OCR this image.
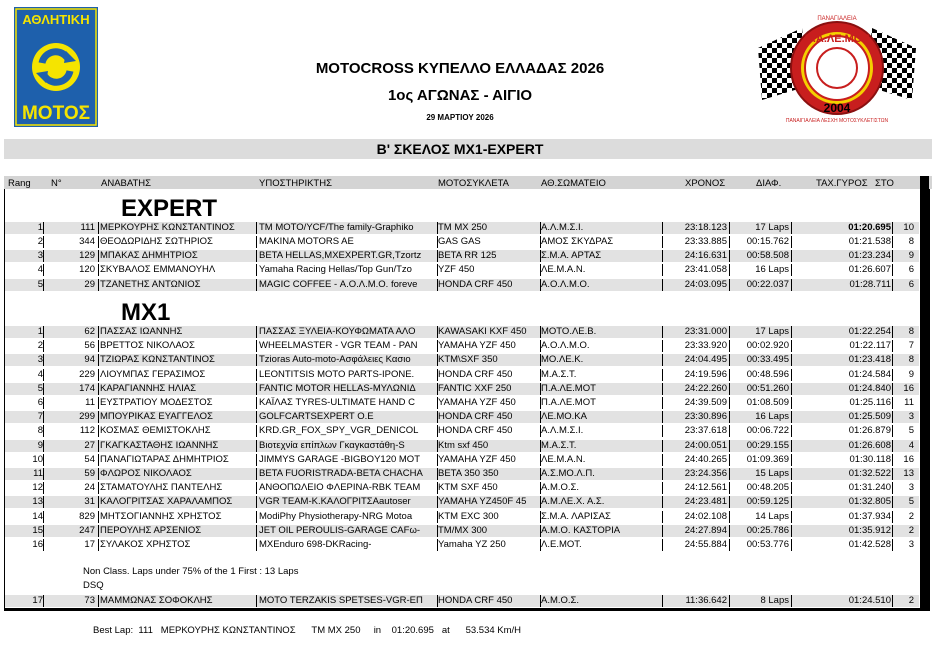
ΑΘΛΗΤΙΚΗ
ΜΟΤΟΣ
ΠΑΝΑΓΙΑΛΕΙΑ
Π.Α.ΛΕ.ΜΟΤ
2004
ΠΑΝΑΙΓΙΑΛΕΙΑ ΛΕΣΧΗ ΜΟΤΟΣΥΚΛΕΤΙΣΤΩΝ
MOTOCROSS ΚΥΠΕΛΛΟ ΕΛΛΑΔΑΣ 2026
1ος ΑΓΩΝΑΣ - ΑΙΓΙΟ
29 ΜΑΡΤΙΟΥ 2026
Β' ΣΚΕΛΟΣ MX1-EXPERT
Rang N°	ΑΝΑΒΑΤΗΣ	ΥΠΟΣΤΗΡΙΚΤΗΣ	ΜΟΤΟΣΥΚΛΕΤΑ	ΑΘ.ΣΩΜΑΤΕΙΟ	ΧΡΟΝΟΣ	ΔΙΑΦ.	ΤΑΧ.ΓΥΡΟΣ ΣΤΟ
EXPERT
MX1
1	111 ΜΕΡΚΟΥΡΗΣ ΚΩΝΣΤΑΝΤΙΝΟΣ	TM MOTO/YCF/The family-Graphiko	TM MX 250	Α.Λ.Μ.Σ.Ι.	23:18.123	17 Laps	01:20.695	10
2	344 ΘΕΟΔΩΡΙΔΗΣ ΣΩΤΗΡΙΟΣ	MAKINA MOTORS AE	GAS GAS	ΑΜΟΣ ΣΚΥΔΡΑΣ	23:33.885	00:15.762	01:21.538	8
3	129 ΜΠΑΚΑΣ ΔΗΜΗΤΡΙΟΣ	BETA HELLAS,MXEXPERT.GR,Tzortz	BETA RR 125	Σ.Μ.Α. ΑΡΤΑΣ	24:16.631	00:58.508	01:23.234	9
4	120 ΣΚΥΒΑΛΟΣ ΕΜΜΑΝΟΥΗΛ	Yamaha Racing Hellas/Top Gun/Tzo	YZF 450	ΛΕ.Μ.Α.Ν.	23:41.058	16 Laps	01:26.607	6
5	29 ΤΖΑΝΕΤΗΣ ΑΝΤΩΝΙΟΣ	MAGIC COFFEE - Α.Ο.Λ.Μ.Ο. foreve	HONDA CRF 450	Α.Ο.Λ.Μ.Ο.	24:03.095	00:22.037	01:28.711	6
1	62 ΠΑΣΣΑΣ ΙΩΑΝΝΗΣ	ΠΑΣΣΑΣ ΞΥΛΕΙΑ-ΚΟΥΦΩΜΑΤΑ ΑΛΟ	KAWASAKI KXF 450	ΜΟΤΟ.ΛΕ.Β.	23:31.000	17 Laps	01:22.254	8
2	56 ΒΡΕΤΤΟΣ ΝΙΚΟΛΑΟΣ	WHEELMASTER - VGR TEAM - PAN	YAMAHA YZF 450	Α.Ο.Λ.Μ.Ο.	23:33.920	00:02.920	01:22.117	7
3	94 ΤΖΙΩΡΑΣ ΚΩΝΣΤΑΝΤΙΝΟΣ	Tzioras Auto-moto-Ασφάλειες Κασιο	KTM\SXF 350	ΜΟ.ΛΕ.Κ.	24:04.495	00:33.495	01:23.418	8
4	229 ΛΙΟΥΜΠΑΣ ΓΕΡΑΣΙΜΟΣ	LEONTITSIS MOTO PARTS-IPONE.	HONDA CRF 450	Μ.Α.Σ.Τ.	24:19.596	00:48.596	01:24.584	9
5	174 ΚΑΡΑΓΙΑΝΝΗΣ ΗΛΙΑΣ	FANTIC MOTOR HELLAS-ΜΥΛΩΝΙΔ	FANTIC XXF 250	Π.Α.ΛΕ.ΜΟΤ	24:22.260	00:51.260	01:24.840	16
6	11 ΕΥΣΤΡΑΤΙΟΥ ΜΟΔΕΣΤΟΣ	ΚΑΪΛΑΣ TYRES-ULTIMATE HAND C	YAMAHA YZF 450	Π.Α.ΛΕ.ΜΟΤ	24:39.509	01:08.509	01:25.116	11
7	299 ΜΠΟΥΡΙΚΑΣ ΕΥΑΓΓΕΛΟΣ	GOLFCARTSEXPERT O.E	HONDA CRF 450	ΛΕ.ΜΟ.ΚΑ	23:30.896	16 Laps	01:25.509	3
8	112 ΚΟΣΜΑΣ ΘΕΜΙΣΤΟΚΛΗΣ	KRD.GR_FOX_SPY_VGR_DENICOL	HONDA CRF 450	Α.Λ.Μ.Σ.Ι.	23:37.618	00:06.722	01:26.879	5
9	27 ΓΚΑΓΚΑΣΤΑΘΗΣ ΙΩΑΝΝΗΣ	Βιοτεχνία επίπλων Γκαγκαστάθη-S	Ktm sxf 450	Μ.Α.Σ.Τ.	24:00.051	00:29.155	01:26.608	4
10	54 ΠΑΝΑΓΙΩΤΑΡΑΣ ΔΗΜΗΤΡΙΟΣ	JIMMYS GARAGE -BIGBOY120 MOT	YAMAHA YZF 450	ΛΕ.Μ.Α.Ν.	24:40.265	01:09.369	01:30.118	16
11	59 ΦΛΩΡΟΣ ΝΙΚΟΛΑΟΣ	BETA FUORISTRADA-BETA CHACHA	BETA 350 350	Α.Σ.ΜΟ.Λ.Π.	23:24.356	15 Laps	01:32.522	13
12	24 ΣΤΑΜΑΤΟΥΛΗΣ ΠΑΝΤΕΛΗΣ	ΑΝΘΟΠΩΛΕΙΟ ΦΛΕΡΙΝΑ-RBK TEAM	KTM SXF 450	Α.Μ.Ο.Σ.	24:12.561	00:48.205	01:31.240	3
13	31 ΚΑΛΟΓΡΙΤΣΑΣ ΧΑΡΑΛΑΜΠΟΣ	VGR TEAM-Κ.ΚΑΛΟΓΡΙΤΣΑautoser	YAMAHA YZ450F 45	Α.Μ.ΛΕ.Χ. Α.Σ.	24:23.481	00:59.125	01:32.805	5
14	829 ΜΗΤΣΟΓΙΑΝΝΗΣ ΧΡΗΣΤΟΣ	ModiPhy Physiotherapy-NRG Motoa	KTM EXC 300	Σ.Μ.Α. ΛΑΡΙΣΑΣ	24:02.108	14 Laps	01:37.934	2
15	247 ΠΕΡΟΥΛΗΣ ΑΡΣΕΝΙΟΣ	JET OIL PEROULIS-GARAGE CAFω-	TM/MX 300	Α.Μ.Ο. ΚΑΣΤΟΡΙΑ	24:27.894	00:25.786	01:35.912	2
16	17 ΣΥΛΑΚΟΣ ΧΡΗΣΤΟΣ	MXEnduro 698-DKRacing-	Yamaha YZ 250	Λ.Ε.ΜΟΤ.	24:55.884	00:53.776	01:42.528	3
17	73 ΜΑΜΜΩΝΑΣ ΣΟΦΟΚΛΗΣ	MOTO TERZAKIS SPETSES-VGR-ΕΠ	HONDA CRF 450	Α.Μ.Ο.Σ.	11:36.642	8 Laps	01:24.510	2
Non Class. Laps under 75% of the 1 First : 13 Laps
DSQ
Best Lap:  111   ΜΕΡΚΟΥΡΗΣ ΚΩΝΣΤΑΝΤΙΝΟΣ      TM MX 250     in    01:20.695   at      53.534 Km/H
